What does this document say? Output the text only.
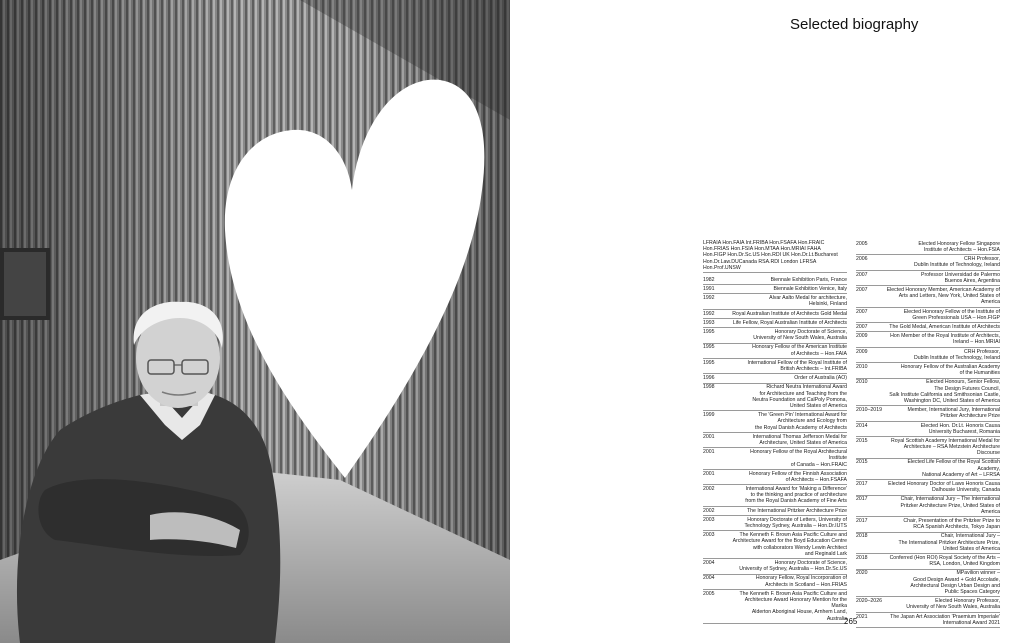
Selected biography
LFRAIA Hon.FAIA Int.FRIBA Hon.FSAFA Hon.FRAIC
Hon.FRIAS Hon.FSIA Hon.MTAA Hon.MRIAI FAHA
Hon.FIGP Hon.Dr.Sc.US Hon.RDI UK Hon.Dr.Lt.Bucharest
Hon.Dr.Law.DUCanada RSA.RDI London LFRSA
Hon.Prof.UNSW
1982	Biennale Exhibition Paris, France
1991	Biennale Exhibition Venice, Italy
1992	Alvar Aalto Medal for architecture,
Helsinki, Finland
1992	Royal Australian Institute of Architects Gold Medal
1993	Life Fellow, Royal Australian Institute of Architects
1995	Honorary Doctorate of Science,
University of New South Wales, Australia
1995	Honorary Fellow of the American Institute
of Architects – Hon.FAIA
1995	International Fellow of the Royal Institute of
British Architects – Int.FRIBA
1996	Order of Australia (AO)
1998	Richard Neutra International Award
for Architecture and Teaching from the
Neutra Foundation and CalPoly Pomona,
United States of America
1999	The 'Green Pin' International Award for
Architecture and Ecology from
the Royal Danish Academy of Architects
2001	International Thomas Jefferson Medal for
Architecture, United States of America
2001	Honorary Fellow of the Royal Architectural Institute
of Canada – Hon.FRAIC
2001	Honorary Fellow of the Finnish Association
of Architects – Hon.FSAFA
2002	International Award for 'Making a Difference'
to the thinking and practice of architecture
from the Royal Danish Academy of Fine Arts
2002	The International Pritzker Architecture Prize
2003	Honorary Doctorate of Letters, University of
Technology Sydney, Australia – Hon.Dr.IUTS
2003	The Kenneth F. Brown Asia Pacific Culture and
Architecture Award for the Boyd Education Centre
with collaborators Wendy Lewin Architect
and Reginald Lark
2004	Honorary Doctorate of Science,
University of Sydney, Australia – Hon.Dr.Sc.US
2004	Honorary Fellow, Royal Incorporation of
Architects in Scotland – Hon.FRIAS
2005	The Kenneth F. Brown Asia Pacific Culture and
Architecture Award Honorary Mention for the Marika
Alderton Aboriginal House, Arnhem Land, Australia
2005	Elected Honorary Fellow Singapore
Institute of Architects – Hon.FSIA
2006	CRH Professor,
Dublin Institute of Technology, Ireland
2007	Professor Universidad de Palermo
Buenos Aires, Argentina
2007	Elected Honorary Member, American Academy of
Arts and Letters, New York, United States of America
2007	Elected Honorary Fellow of the Institute of
Green Professionals USA – Hon.FIGP
2007	The Gold Medal, American Institute of Architects
2009	Hon Member of the Royal Institute of Architects,
Ireland – Hon.MRIAI
2009	CRH Professor,
Dublin Institute of Technology, Ireland
2010	Honorary Fellow of the Australian Academy
of the Humanities
2010	Elected Honours, Senior Fellow,
The Design Futures Council,
Salk Institute California and Smithsonian Castle,
Washington DC, United States of America
2010–2019	Member, International Jury, International
Pritzker Architecture Prize
2014	Elected Hon. Dr.Lt. Honoris Causa
University Bucharest, Romania
2015	Royal Scottish Academy International Medal for
Architecture – RSA Metzstein Architecture Discourse
2015	Elected Life Fellow of the Royal Scottish Academy,
National Academy of Art – LFRSA
2017	Elected Honorary Doctor of Laws Honoris Causa
Dalhousie University, Canada
2017	Chair, International Jury – The International
Pritzker Architecture Prize, United States of America
2017	Chair, Presentation of the Pritzker Prize to
RCA Spanish Architects, Tokyo Japan
2018	Chair, International Jury –
The International Pritzker Architecture Prize,
United States of America
2018	Conferred (Hon ROI) Royal Society of the Arts –
RSA, London, United Kingdom
2020	MPavilion winner –
Good Design Award + Gold Accolade,
Architectural Design Urban Design and
Public Spaces Category
2020–2026	Elected Honorary Professor,
University of New South Wales, Australia
2021	The Japan Art Association 'Praemium Imperiale'
International Award 2021
265
